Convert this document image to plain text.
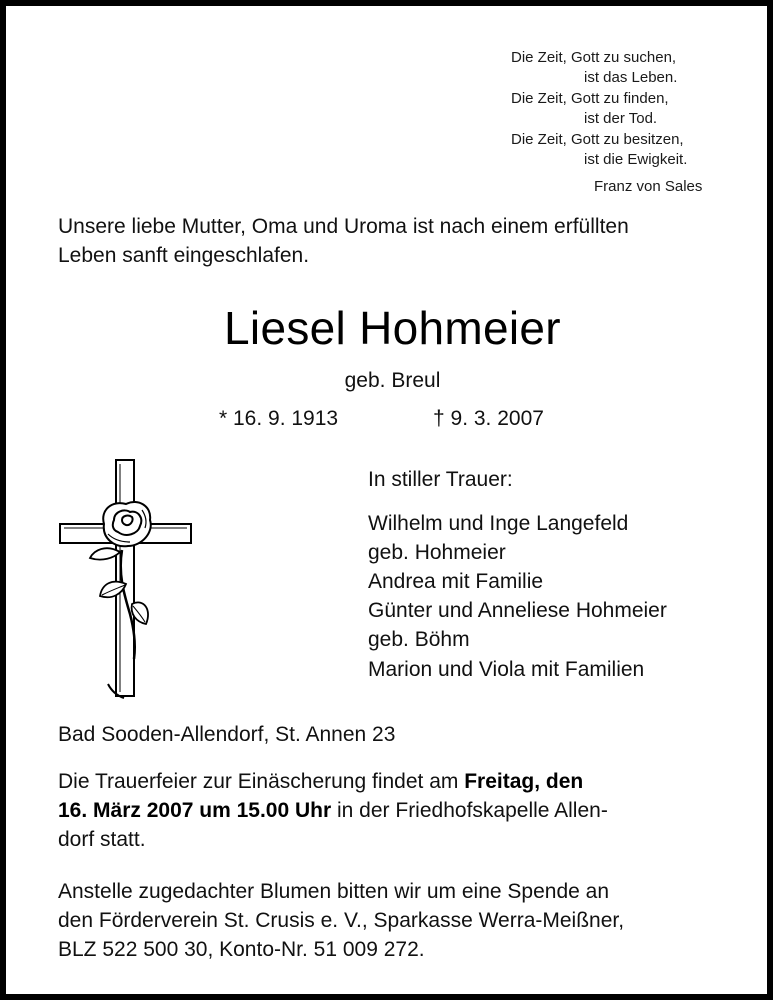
Die Zeit, Gott zu suchen,
ist das Leben.
Die Zeit, Gott zu finden,
ist der Tod.
Die Zeit, Gott zu besitzen,
ist die Ewigkeit.
Franz von Sales
Unsere liebe Mutter, Oma und Uroma ist nach einem erfüllten
Leben sanft eingeschlafen.
Liesel Hohmeier
geb. Breul
* 16. 9. 1913	† 9. 3. 2007
In stiller Trauer:
Wilhelm und Inge Langefeld
geb. Hohmeier
Andrea mit Familie
Günter und Anneliese Hohmeier
geb. Böhm
Marion und Viola mit Familien
Bad Sooden-Allendorf, St. Annen 23
Die Trauerfeier zur Einäscherung findet am Freitag, den
16. März 2007 um 15.00 Uhr in der Friedhofskapelle Allen-
dorf statt.
Anstelle zugedachter Blumen bitten wir um eine Spende an
den Förderverein St. Crusis e. V., Sparkasse Werra-Meißner,
BLZ 522 500 30, Konto-Nr. 51 009 272.
